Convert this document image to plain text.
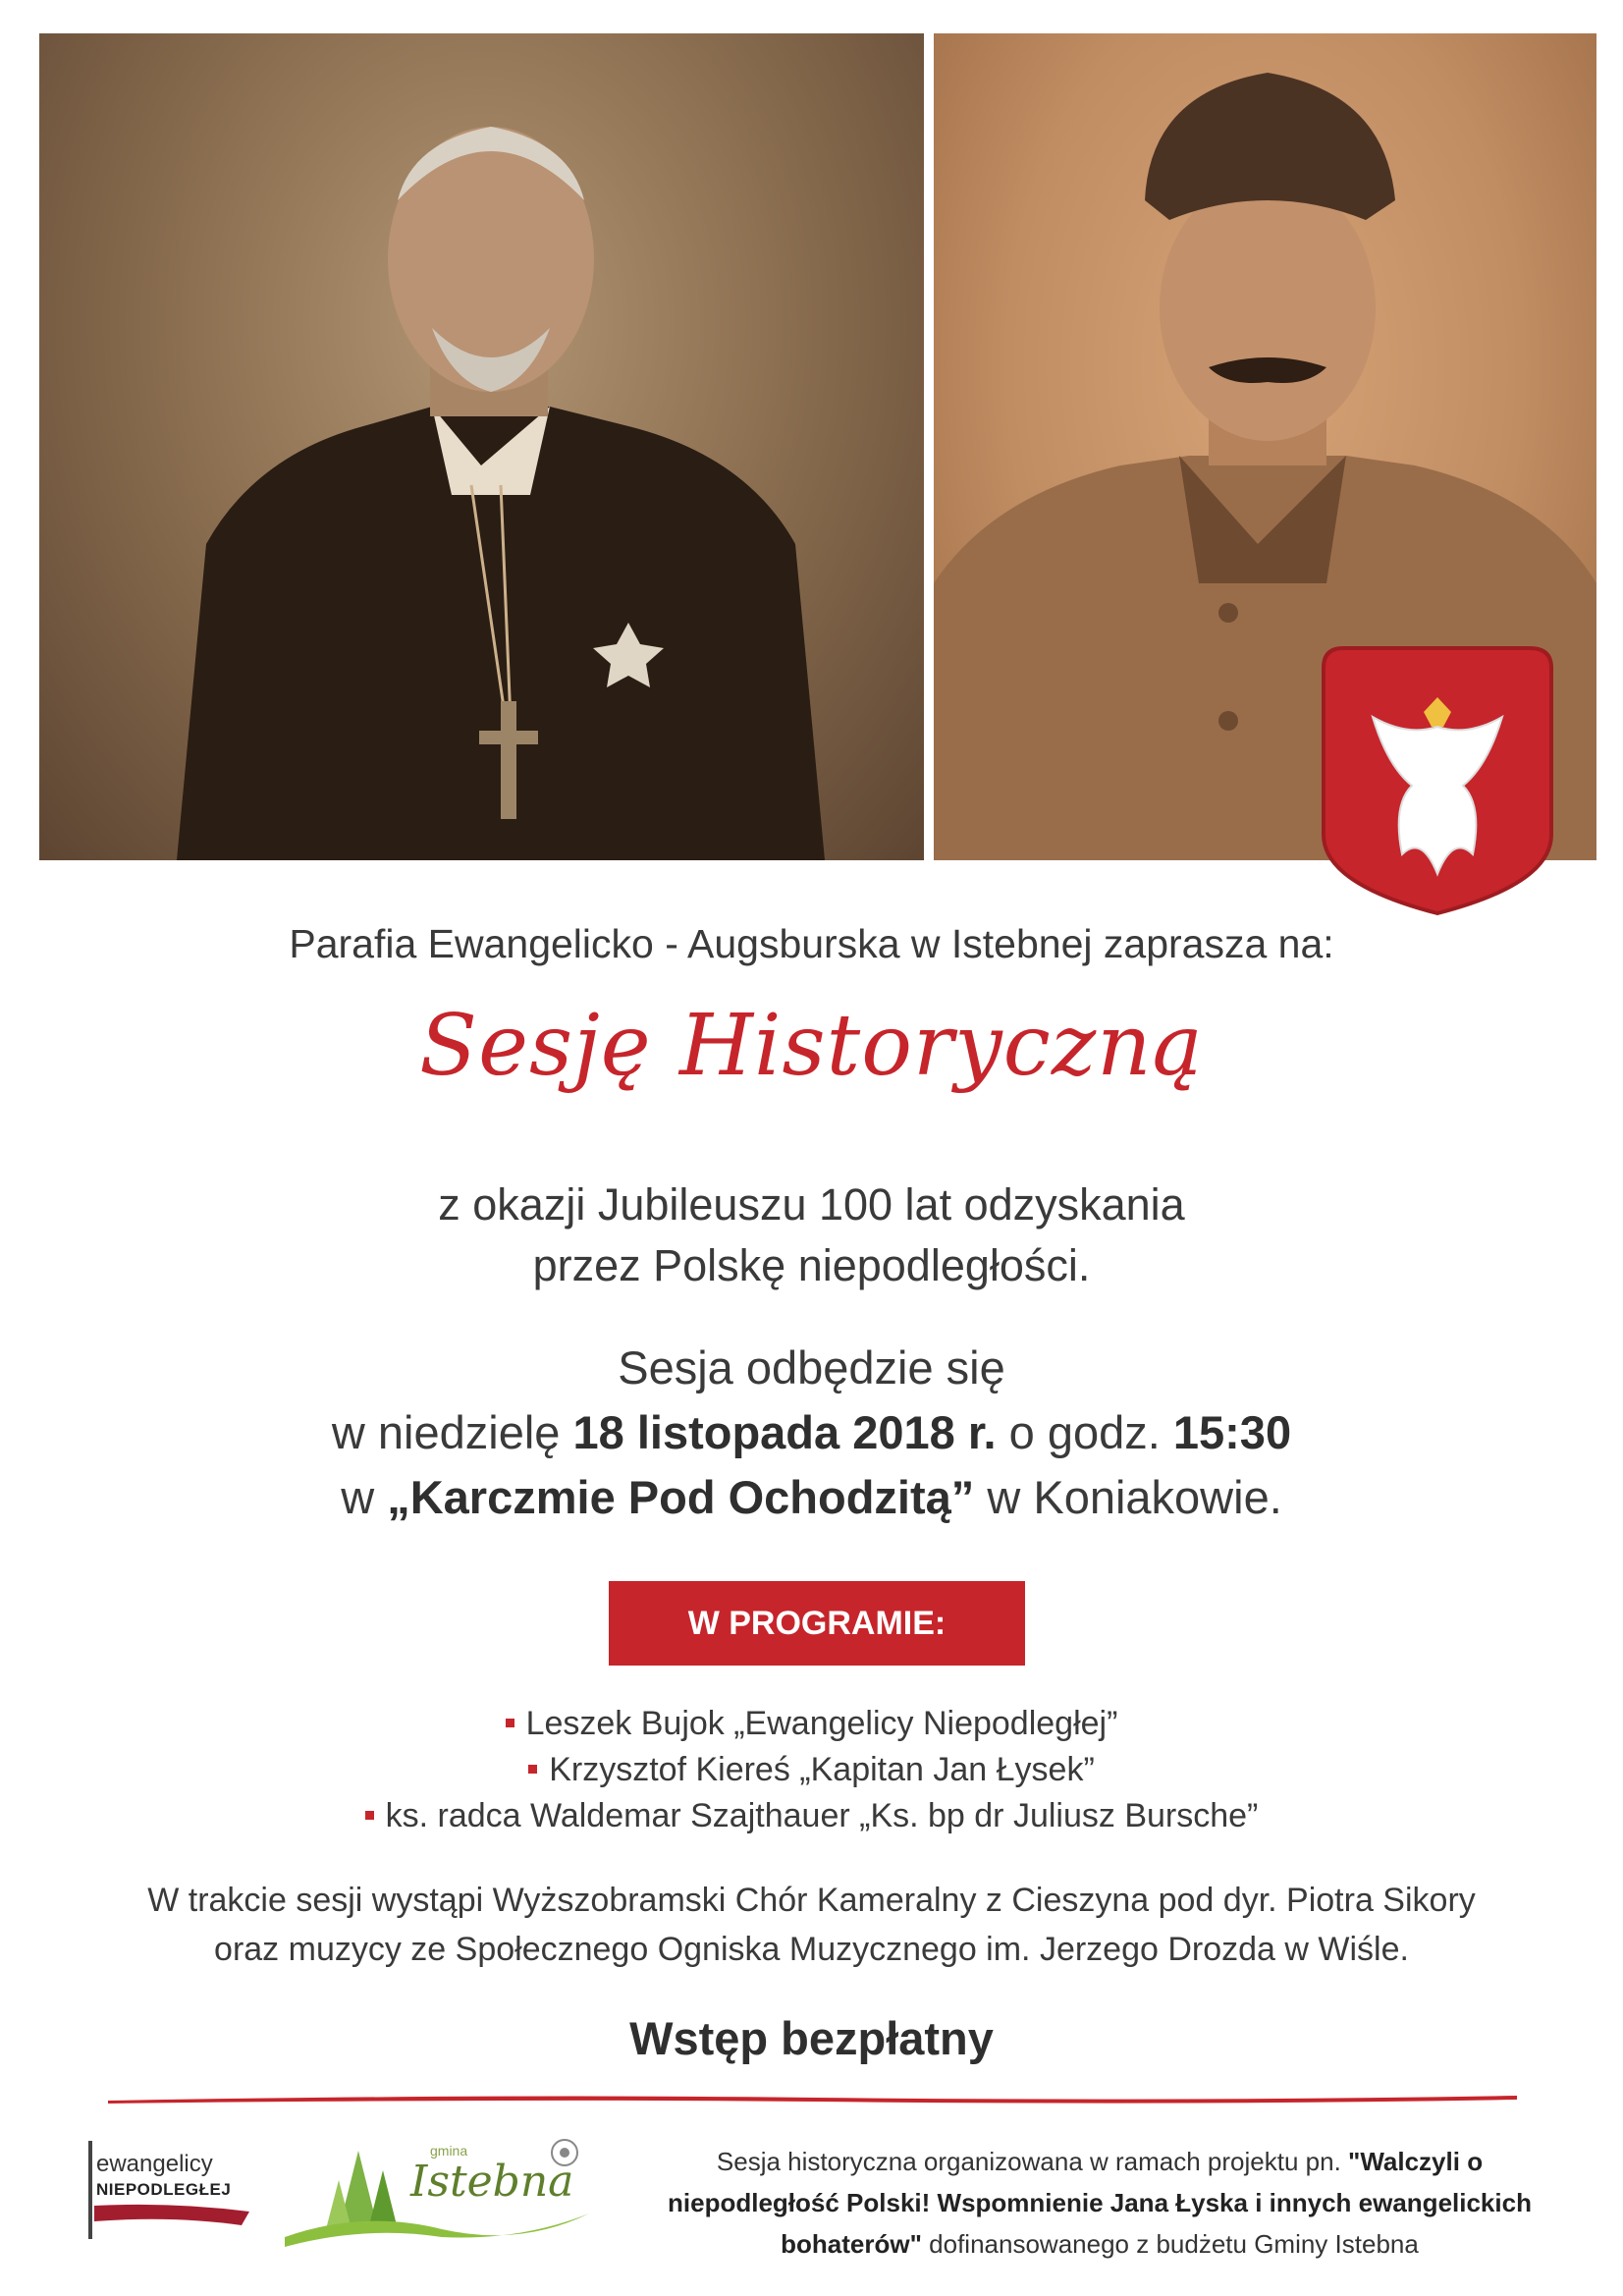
Parafia Ewangelicko - Augsburska w Istebnej zaprasza na:
Sesję Historyczną
z okazji Jubileuszu 100 lat odzyskania
przez Polskę niepodległości.
Sesja odbędzie się
w niedzielę 18 listopada 2018 r. o godz. 15:30
w „Karczmie Pod Ochodzitą” w Koniakowie.
W PROGRAMIE:
Leszek Bujok „Ewangelicy Niepodległej”
Krzysztof Kiereś „Kapitan Jan Łysek”
ks. radca Waldemar Szajthauer „Ks. bp dr Juliusz Bursche”
W trakcie sesji wystąpi Wyższobramski Chór Kameralny z Cieszyna pod dyr. Piotra Sikory
oraz muzycy ze Społecznego Ogniska Muzycznego im. Jerzego Drozda w Wiśle.
Wstęp bezpłatny
ewangelicy
NIEPODLEGŁEJ
gmina
Istebna	Sesja historyczna organizowana w ramach projektu pn. "Walczyli o niepodległość Polski! Wspomnienie Jana Łyska i innych ewangelickich bohaterów" dofinansowanego z budżetu Gminy Istebna
